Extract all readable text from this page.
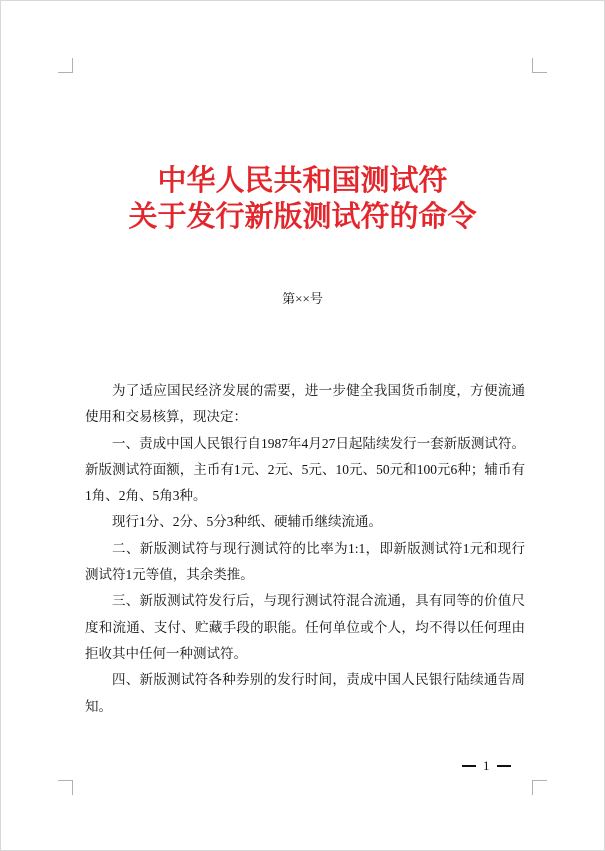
中华人民共和国测试符
关于发行新版测试符的命令
第××号

为了适应国民经济发展的需要，进一步健全我国货币制度，方便流通使用和交易核算，现决定：

一、责成中国人民银行自1987年4月27日起陆续发行一套新版测试符。新版测试符面额，主币有1元、2元、5元、10元、50元和100元6种；辅币有1角、2角、5角3种。

现行1分、2分、5分3种纸、硬辅币继续流通。

二、新版测试符与现行测试符的比率为1:1，即新版测试符1元和现行测试符1元等值，其余类推。

三、新版测试符发行后，与现行测试符混合流通，具有同等的价值尺度和流通、支付、贮藏手段的职能。任何单位或个人，均不得以任何理由拒收其中任何一种测试符。

四、新版测试符各种券别的发行时间，责成中国人民银行陆续通告周知。

1
